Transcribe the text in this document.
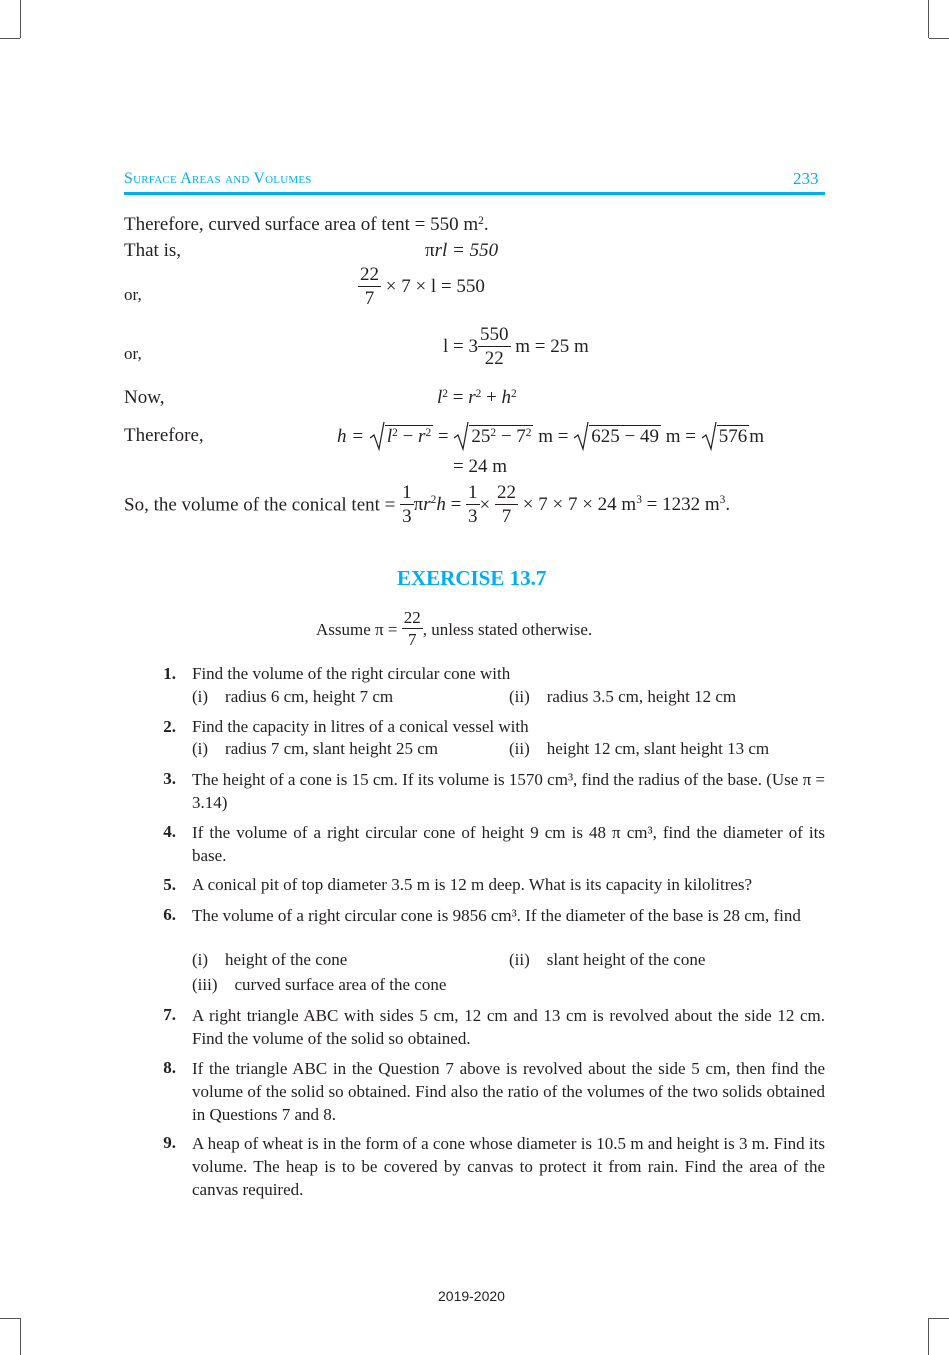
Surface Areas and Volumes	233
Therefore, curved surface area of tent = 550 $m^2$.
That is,	πrl = 550
or,	$\frac{22}{7} \times 7 \times l = 550$
or,	$l = 3 \frac{550}{22}$ m = 25 m
Now,	$l^2 = r^2 + h^2$
Therefore,	$h = l^2 - r^2$ =
$25^2 - 7^2$ m = 625 − 49 m = 576 m
= 24 m
So, the volume of the conical tent = $\frac{1}{3} \pi r^2h = \frac{1}{3} \times \frac{22}{7} \times 7 \times 7 \times 24$ $m^3 = 1232$ $m^3$.
EXERCISE 13.7
Assume $\pi = \frac{22}{7}$ , unless stated otherwise.
1. Find the volume of the right circular cone with
(i) radius 6 cm, height 7 cm	(ii) radius 3.5 cm, height 12 cm
2. Find the capacity in litres of a conical vessel with
(i) radius 7 cm, slant height 25 cm	(ii) height 12 cm, slant height 13 cm
3. The height of a cone is 15 cm. If its volume is 1570 cm³, find the radius of the base. (Use π = 3.14)
4. If the volume of a right circular cone of height 9 cm is 48 π cm³, find the diameter of its base.
5. A conical pit of top diameter 3.5 m is 12 m deep. What is its capacity in kilolitres?
6. The volume of a right circular cone is 9856 cm³. If the diameter of the base is 28 cm, find
(i) height of the cone	(ii) slant height of the cone
(iii) curved surface area of the cone
7. A right triangle ABC with sides 5 cm, 12 cm and 13 cm is revolved about the side 12 cm. Find the volume of the solid so obtained.
8. If the triangle ABC in the Question 7 above is revolved about the side 5 cm, then find the volume of the solid so obtained. Find also the ratio of the volumes of the two solids obtained in Questions 7 and 8.
9. A heap of wheat is in the form of a cone whose diameter is 10.5 m and height is 3 m. Find its volume. The heap is to be covered by canvas to protect it from rain. Find the area of the canvas required.
2019-2020
